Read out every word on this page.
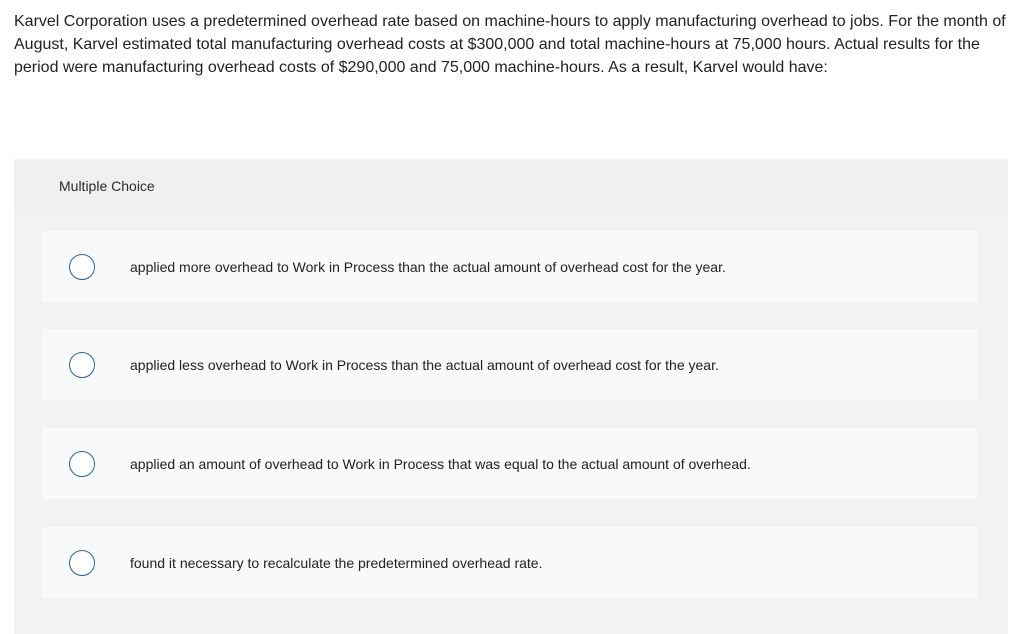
Karvel Corporation uses a predetermined overhead rate based on machine-hours to apply manufacturing overhead to jobs. For the month of August, Karvel estimated total manufacturing overhead costs at $300,000 and total machine-hours at 75,000 hours. Actual results for the period were manufacturing overhead costs of $290,000 and 75,000 machine-hours. As a result, Karvel would have:

Multiple Choice
applied more overhead to Work in Process than the actual amount of overhead cost for the year.
applied less overhead to Work in Process than the actual amount of overhead cost for the year.
applied an amount of overhead to Work in Process that was equal to the actual amount of overhead.
found it necessary to recalculate the predetermined overhead rate.
